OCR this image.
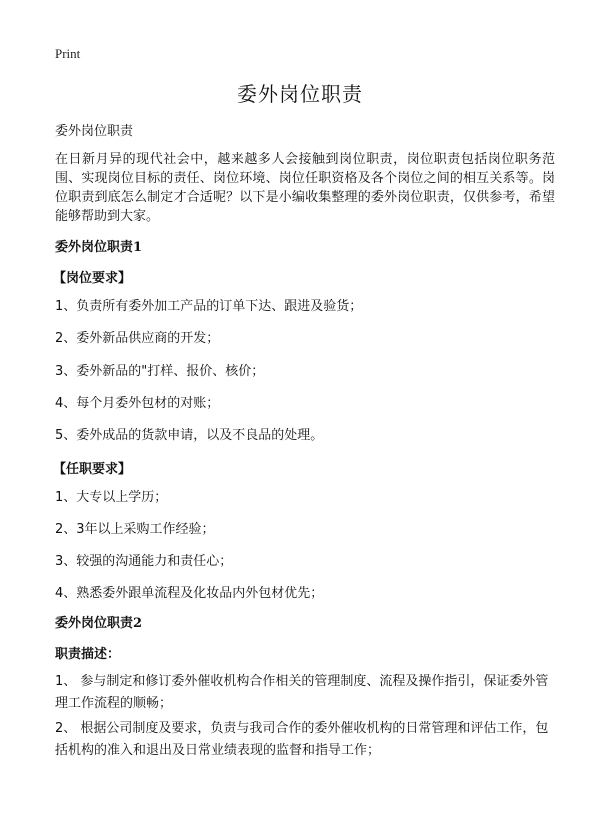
Print
委外岗位职责

委外岗位职责

在日新月异的现代社会中，越来越多人会接触到岗位职责，岗位职责包括岗位职务范围、实现岗位目标的责任、岗位环境、岗位任职资格及各个岗位之间的相互关系等。岗位职责到底怎么制定才合适呢？以下是小编收集整理的委外岗位职责，仅供参考，希望能够帮助到大家。

委外岗位职责1

【岗位要求】

1、负责所有委外加工产品的订单下达、跟进及验货；

2、委外新品供应商的开发；

3、委外新品的"打样、报价、核价；

4、每个月委外包材的对账；

5、委外成品的货款申请，以及不良品的处理。

【任职要求】

1、大专以上学历；

2、3年以上采购工作经验；

3、较强的沟通能力和责任心；

4、熟悉委外跟单流程及化妆品内外包材优先；

委外岗位职责2

职责描述：

1、 参与制定和修订委外催收机构合作相关的管理制度、流程及操作指引，保证委外管理工作流程的顺畅；

2、 根据公司制度及要求，负责与我司合作的委外催收机构的日常管理和评估工作，包括机构的准入和退出及日常业绩表现的监督和指导工作；
